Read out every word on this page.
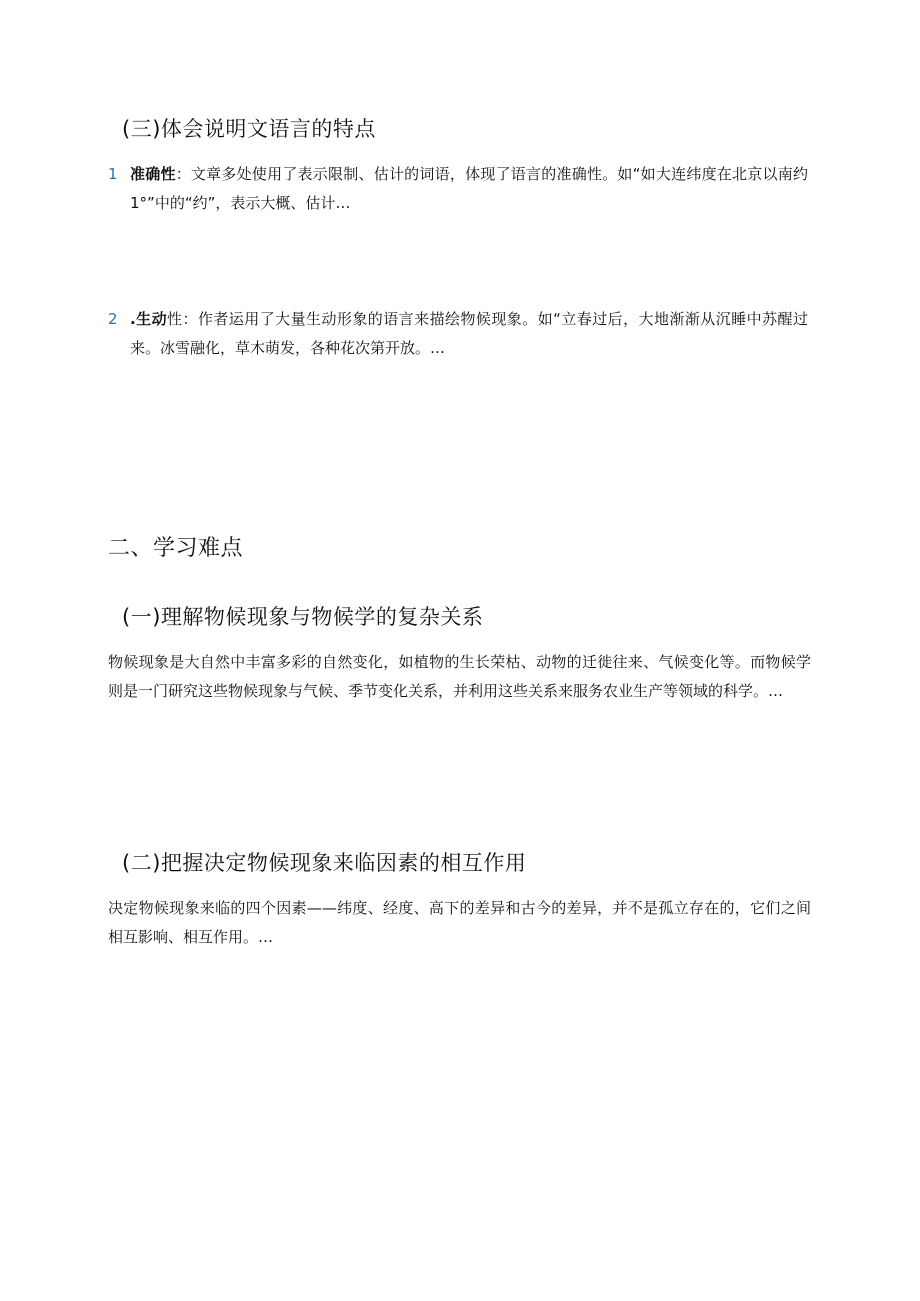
(三)体会说明文语言的特点
1 准确性：文章多处使用了表示限制、估计的词语，体现了语言的准确性。如“如大连纬度在北京以南约1°”中的“约”，表示大概、估计…
2 .生动性：作者运用了大量生动形象的语言来描绘物候现象。如“立春过后，大地渐渐从沉睡中苏醒过来。冰雪融化，草木萌发，各种花次第开放。…
二、学习难点
(一)理解物候现象与物候学的复杂关系

物候现象是大自然中丰富多彩的自然变化，如植物的生长荣枯、动物的迁徙往来、气候变化等。而物候学则是一门研究这些物候现象与气候、季节变化关系，并利用这些关系来服务农业生产等领域的科学。…

(二)把握决定物候现象来临因素的相互作用

决定物候现象来临的四个因素——纬度、经度、高下的差异和古今的差异，并不是孤立存在的，它们之间相互影响、相互作用。…
